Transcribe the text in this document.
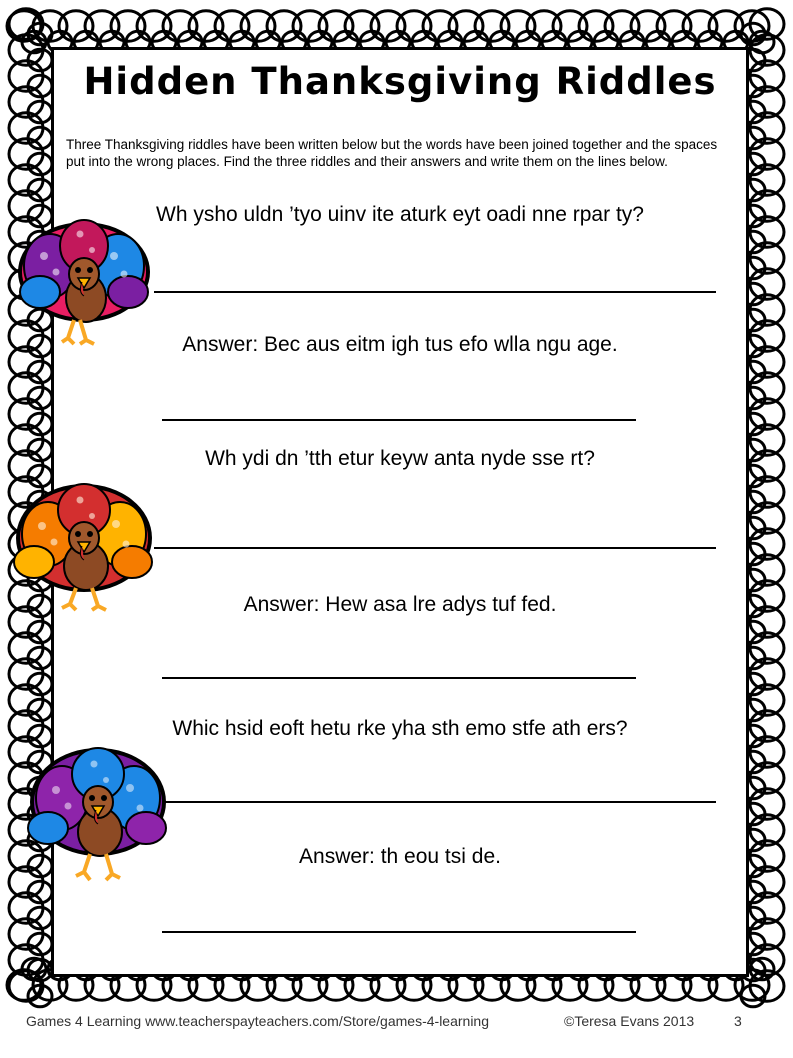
Hidden Thanksgiving Riddles
Three Thanksgiving riddles have been written below but the words have been joined together and the spaces put into the wrong places. Find the three riddles and their answers and write them on the lines below.
Wh ysho uldn ’tyo uinv ite aturk eyt oadi nne rpar ty?
Answer: Bec aus eitm igh tus efo wlla ngu age.
Wh ydi dn ’tth etur keyw anta nyde sse rt?
Answer: Hew asa lre adys tuf fed.
Whic hsid eoft hetu rke yha sth emo stfe ath ers?
Answer: th eou tsi de.
Games 4 Learning www.teacherspayteachers.com/Store/games-4-learning	©Teresa Evans 2013	3
